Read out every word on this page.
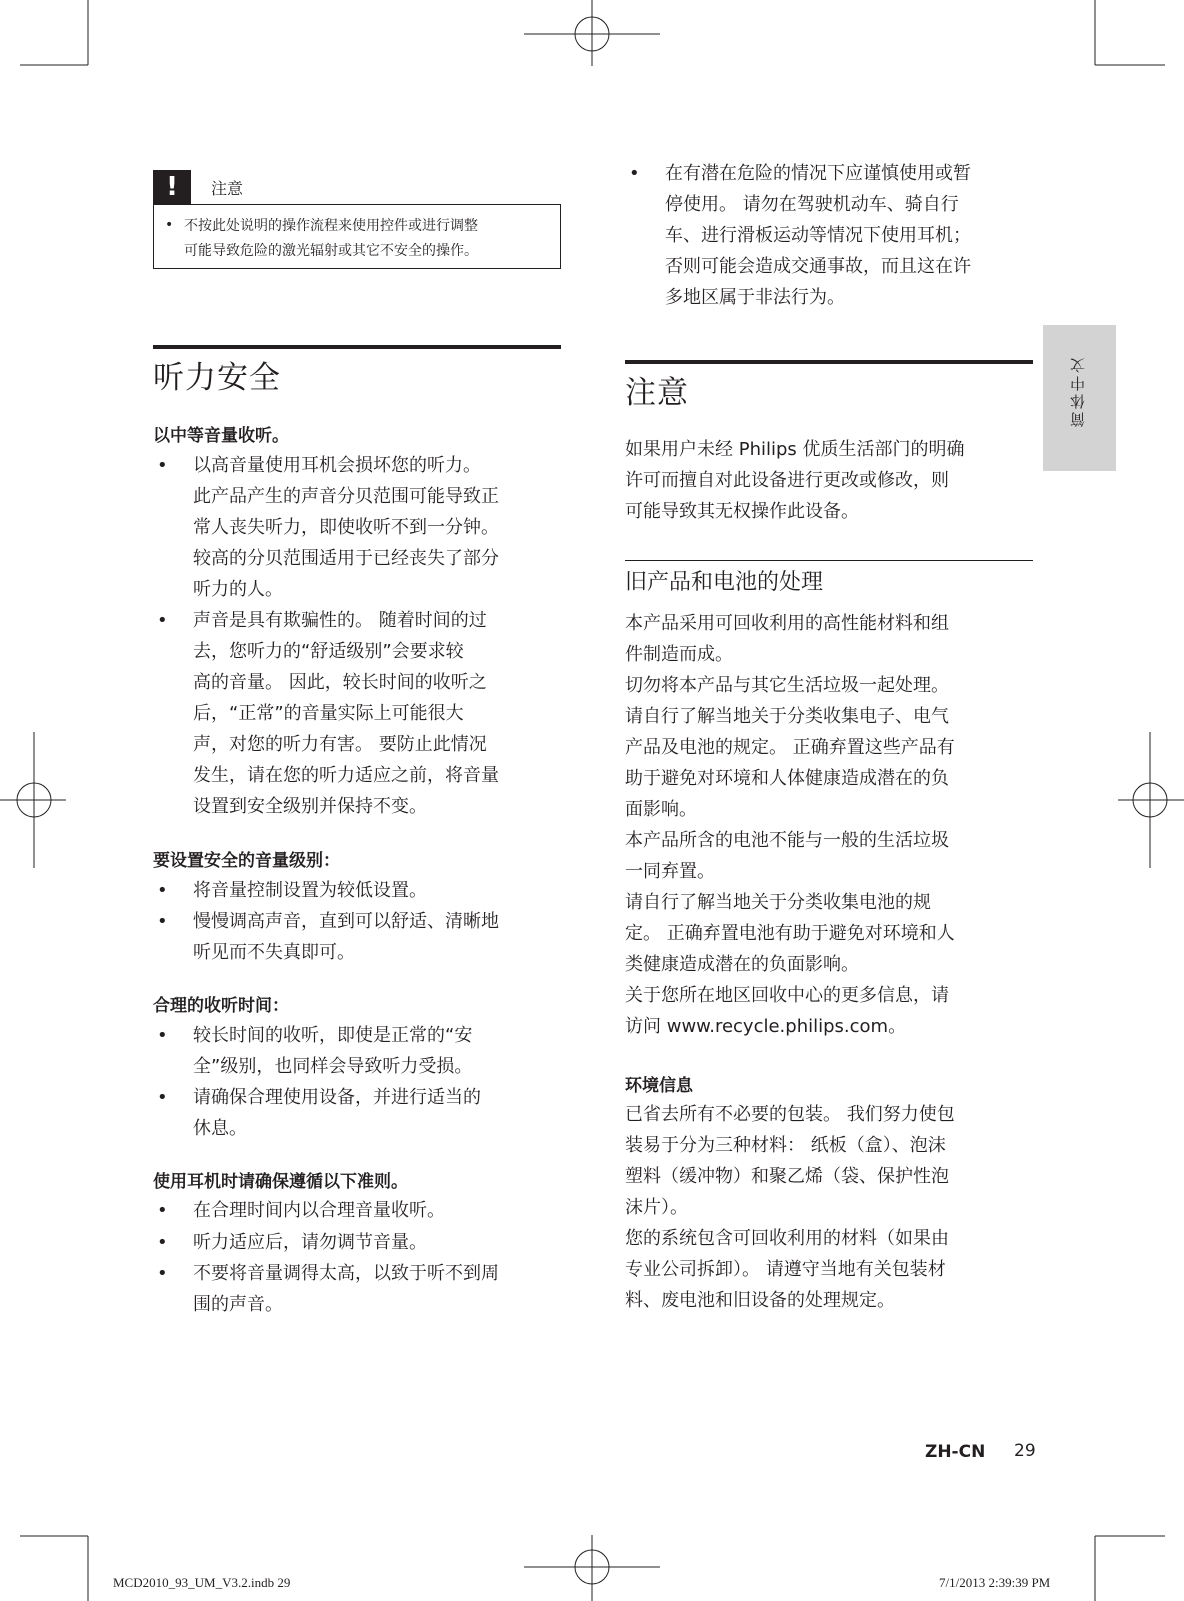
!	注意
• 不按此处说明的操作流程来使用控件或进行调整
可能导致危险的激光辐射或其它不安全的操作。
听力安全
以中等音量收听。
• 以高音量使用耳机会损坏您的听力。
此产品产生的声音分贝范围可能导致正
常人丧失听力，即使收听不到一分钟。
较高的分贝范围适用于已经丧失了部分
听力的人。
• 声音是具有欺骗性的。 随着时间的过
去，您听力的“舒适级别”会要求较
高的音量。 因此，较长时间的收听之
后，“正常”的音量实际上可能很大
声，对您的听力有害。 要防止此情况
发生，请在您的听力适应之前，将音量
设置到安全级别并保持不变。
要设置安全的音量级别：
• 将音量控制设置为较低设置。
• 慢慢调高声音，直到可以舒适、清晰地
听见而不失真即可。
合理的收听时间：
• 较长时间的收听，即使是正常的“安
全”级别，也同样会导致听力受损。
• 请确保合理使用设备，并进行适当的
休息。
使用耳机时请确保遵循以下准则。
• 在合理时间内以合理音量收听。
• 听力适应后，请勿调节音量。
• 不要将音量调得太高，以致于听不到周
围的声音。
• 在有潜在危险的情况下应谨慎使用或暂
停使用。 请勿在驾驶机动车、骑自行
车、进行滑板运动等情况下使用耳机；
否则可能会造成交通事故，而且这在许
多地区属于非法行为。
注意
如果用户未经 Philips 优质生活部门的明确
许可而擅自对此设备进行更改或修改，则
可能导致其无权操作此设备。
旧产品和电池的处理
本产品采用可回收利用的高性能材料和组
件制造而成。
切勿将本产品与其它生活垃圾一起处理。
请自行了解当地关于分类收集电子、电气
产品及电池的规定。 正确弃置这些产品有
助于避免对环境和人体健康造成潜在的负
面影响。
本产品所含的电池不能与一般的生活垃圾
一同弃置。
请自行了解当地关于分类收集电池的规
定。 正确弃置电池有助于避免对环境和人
类健康造成潜在的负面影响。
关于您所在地区回收中心的更多信息，请
访问 www.recycle.philips.com。
环境信息
已省去所有不必要的包装。 我们努力使包
装易于分为三种材料： 纸板（盒）、泡沫
塑料（缓冲物）和聚乙烯（袋、保护性泡
沫片）。
您的系统包含可回收利用的材料（如果由
专业公司拆卸）。 请遵守当地有关包装材
料、废电池和旧设备的处理规定。
简体中文
ZH-CN 29
MCD2010_93_UM_V3.2.indb 29	7/1/2013 2:39:39 PM
